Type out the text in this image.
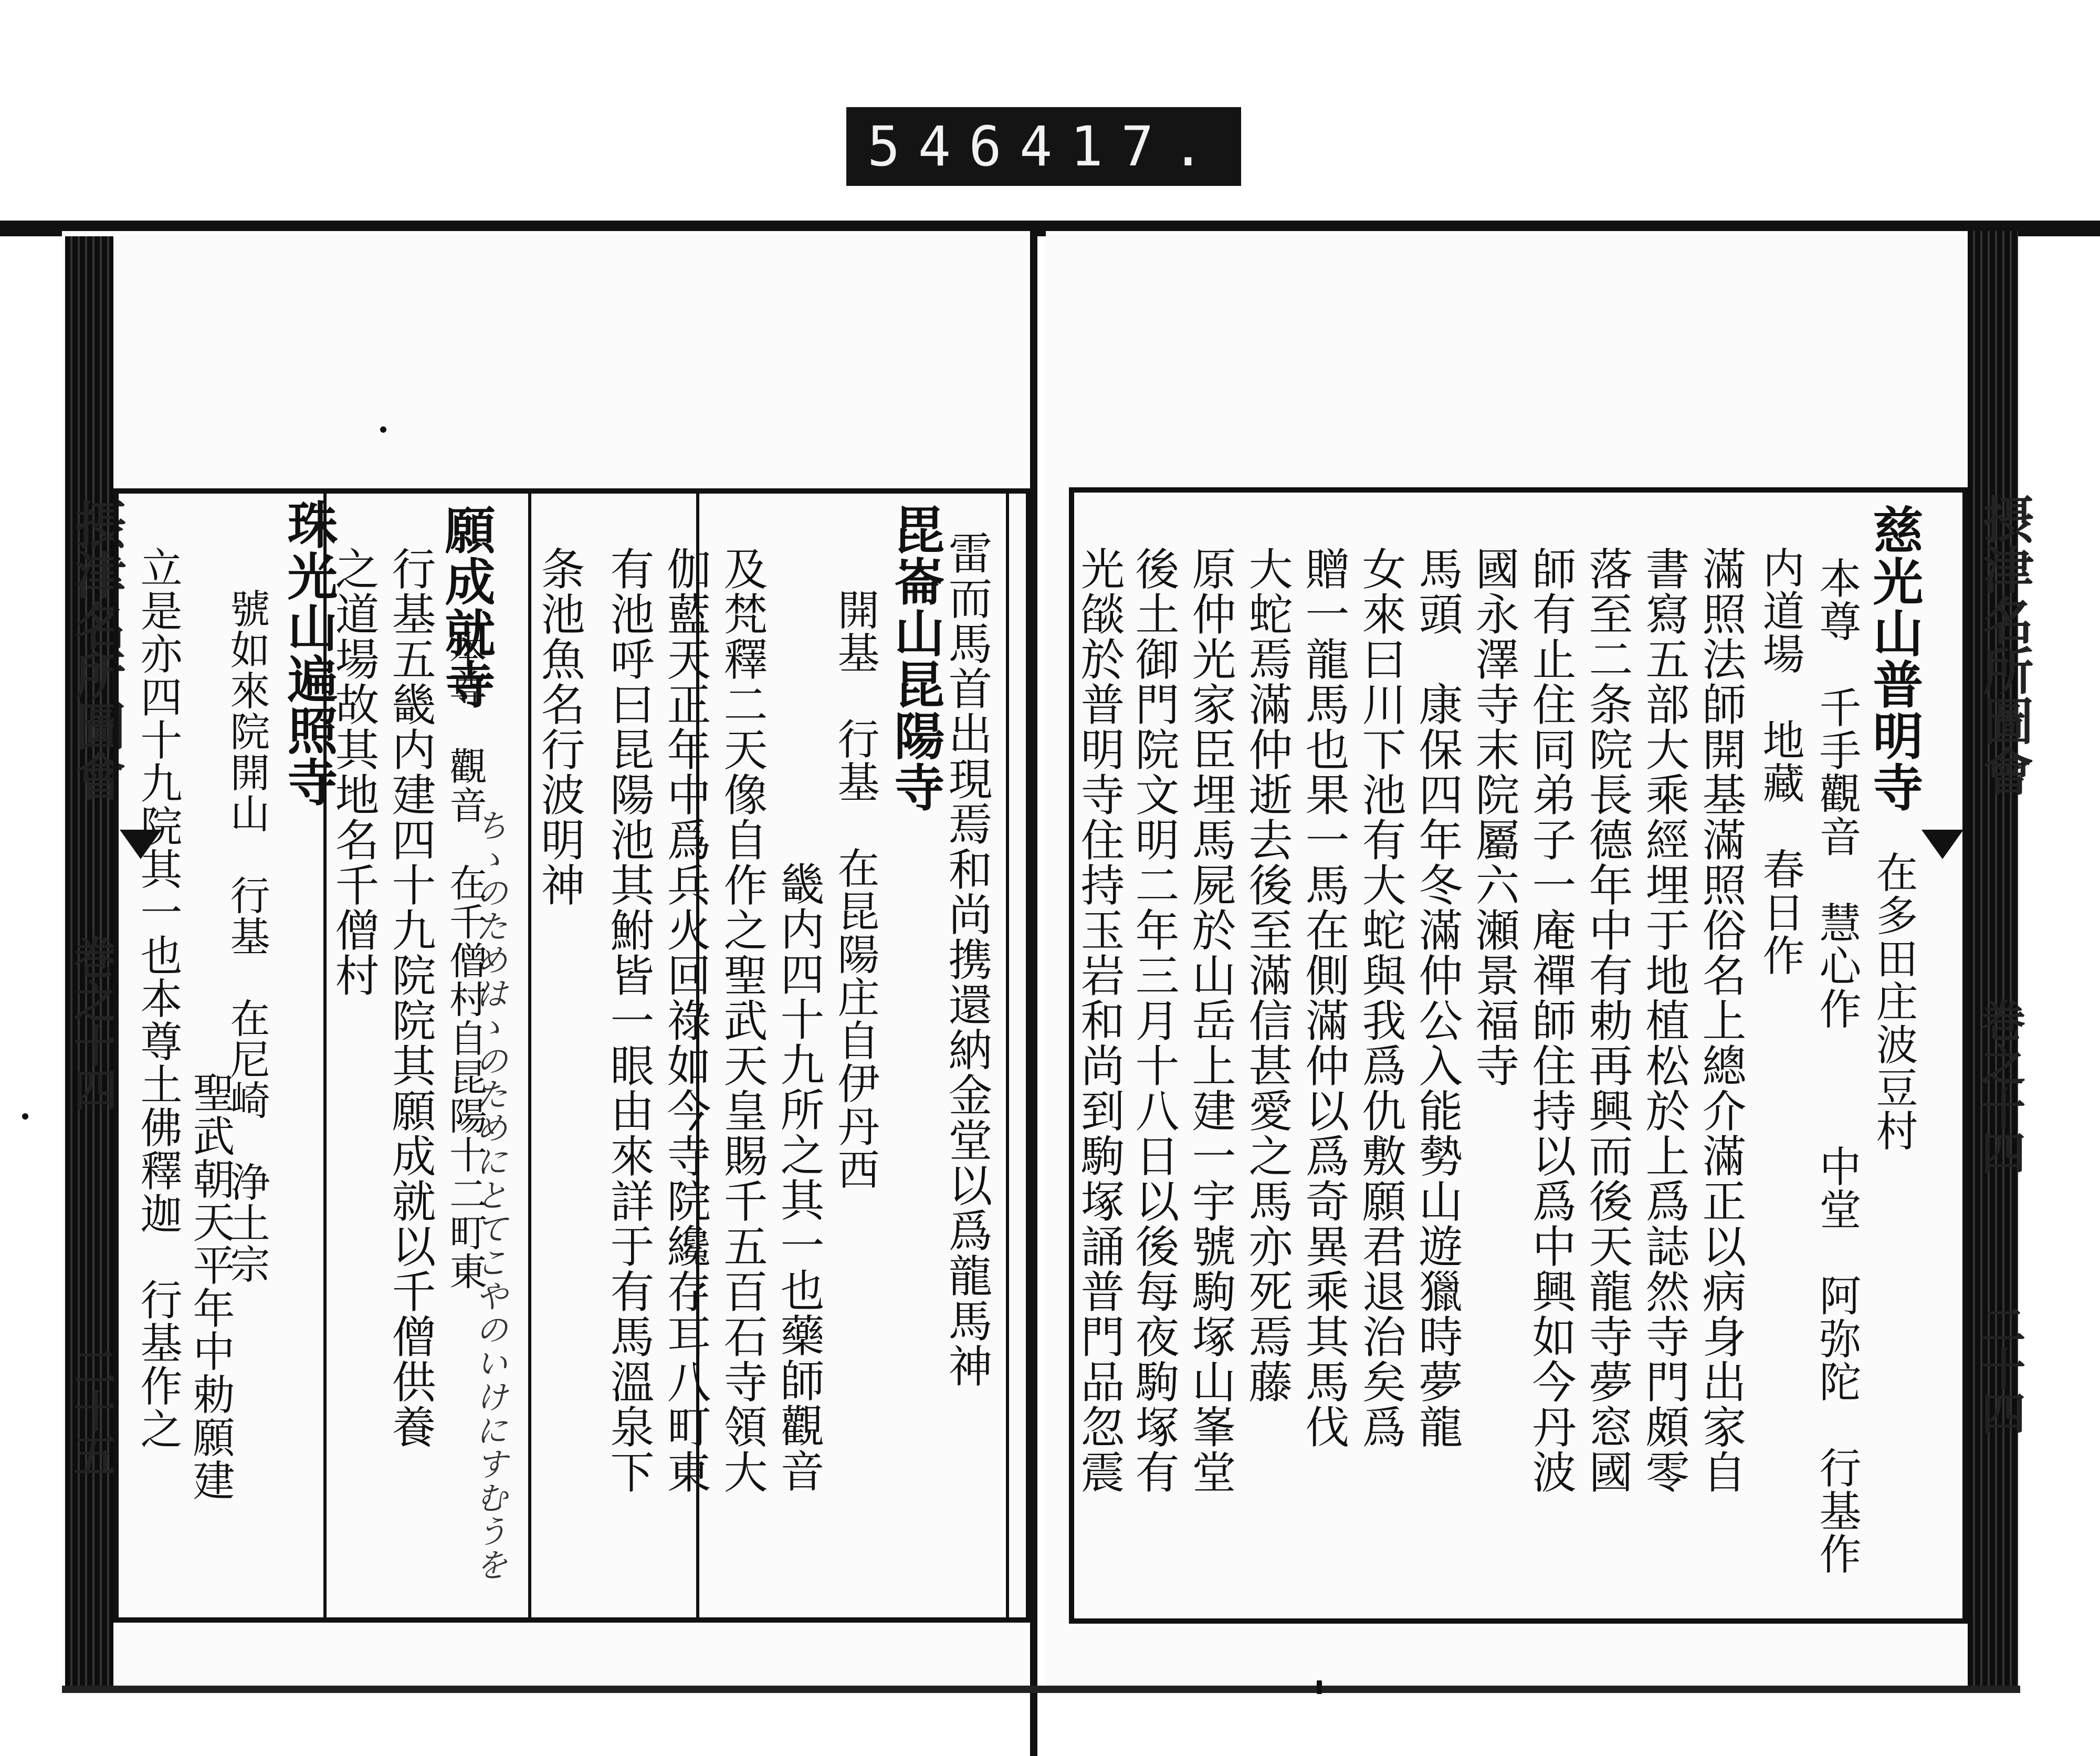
546 417.
摂津名所圖會
巻之十四
二十五
雷而馬首出現焉和尚携還納金堂以爲龍馬神
毘崙山昆陽寺
開基　行基　在昆陽庄自伊丹西
畿内四十九所之其一也藥師觀音
及梵釋二天像自作之聖武天皇賜千五百石寺領大
伽藍天正年中爲兵火回祿如今寺院纔存耳八町東
有池呼曰昆陽池其鮒皆一眼由來詳于有馬溫泉下
条池魚名行波明神
ちゝのためはゝのためにとてこやのいけにすむうを
願成就寺
本尊　觀音　在千僧村自昆陽十二町東
行基五畿内建四十九院院其願成就以千僧供養
之道場故其地名千僧村
珠光山遍照寺
號如來院開山　行基　在尼崎　浄土宗
聖武朝天平年中勅願建
立是亦四十九院其一也本尊土佛釋迦　行基作之	摂津名所圖會
巻之十四
二十四
慈光山普明寺
在多田庄波豆村
本尊　千手觀音　慧心作
中堂　阿弥陀　行基作
内道場　地藏　春日作
滿照法師開基滿照俗名上總介滿正以病身出家自
書寫五部大乘經埋于地植松於上爲誌然寺門頗零
落至二条院長德年中有勅再興而後天龍寺夢窓國
師有止住同弟子一庵禪師住持以爲中興如今丹波
國永澤寺末院屬六瀬景福寺
馬頭　康保四年冬滿仲公入能勢山遊獵時夢龍
女來曰川下池有大蛇與我爲仇敷願君退治矣爲
贈一龍馬也果一馬在側滿仲以爲奇異乘其馬伐
大蛇焉滿仲逝去後至滿信甚愛之馬亦死焉藤
原仲光家臣埋馬屍於山岳上建一宇號駒塚山峯堂
後土御門院文明二年三月十八日以後每夜駒塚有
光燄於普明寺住持玉岩和尚到駒塚誦普門品忽震
